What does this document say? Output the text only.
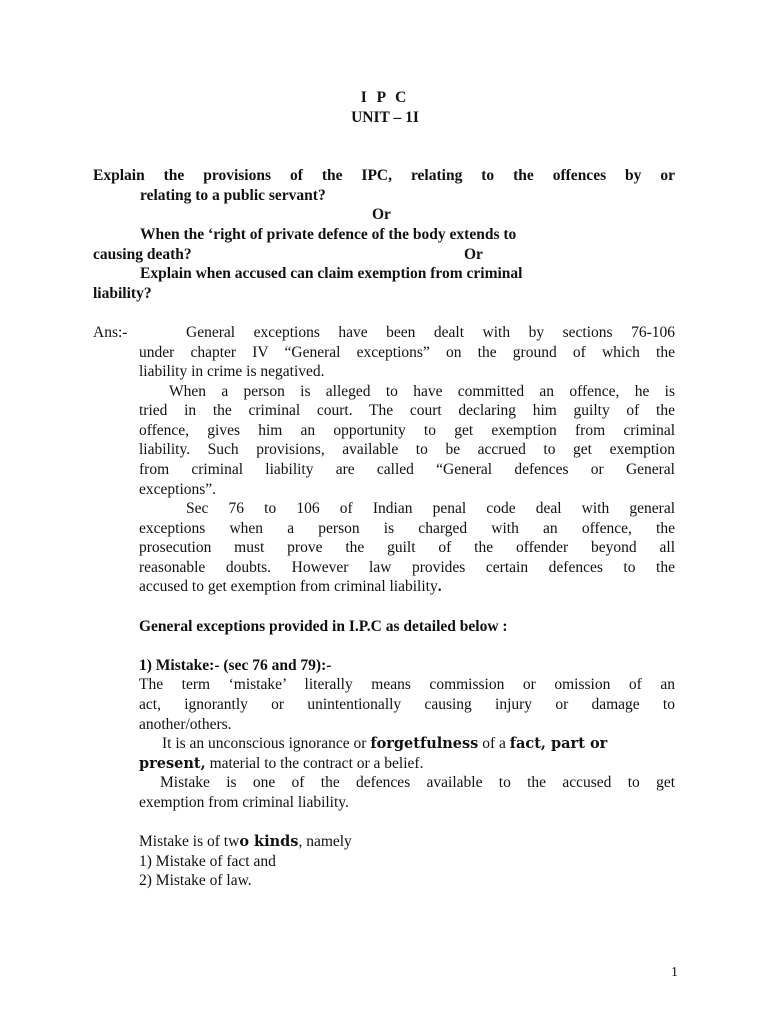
I P C
UNIT – 1I
Explain the provisions of the IPC, relating to the offences by or
relating to a public servant?
Or
When the ‘right of private defence of the body extends to
causing death?	Or
Explain when accused can claim exemption from criminal
liability?
Ans:-	General exceptions have been dealt with by sections 76-106
under chapter IV “General exceptions” on the ground of which the
liability in crime is negatived.
When a person is alleged to have committed an offence, he is
tried in the criminal court. The court declaring him guilty of the
offence, gives him an opportunity to get exemption from criminal
liability. Such provisions, available to be accrued to get exemption
from criminal liability are called “General defences or General
exceptions”.
Sec 76 to 106 of Indian penal code deal with general
exceptions when a person is charged with an offence, the
prosecution must prove the guilt of the offender beyond all
reasonable doubts. However law provides certain defences to the
accused to get exemption from criminal liability.
General exceptions provided in I.P.C as detailed below :
1) Mistake:- (sec 76 and 79):-
The term ‘mistake’ literally means commission or omission of an
act, ignorantly or unintentionally causing injury or damage to
another/others.
It is an unconscious ignorance or forgetfulness of a fact, part or
present, material to the contract or a belief.
Mistake is one of the defences available to the accused to get
exemption from criminal liability.
Mistake is of two kinds, namely
1) Mistake of fact and
2) Mistake of law.
1
